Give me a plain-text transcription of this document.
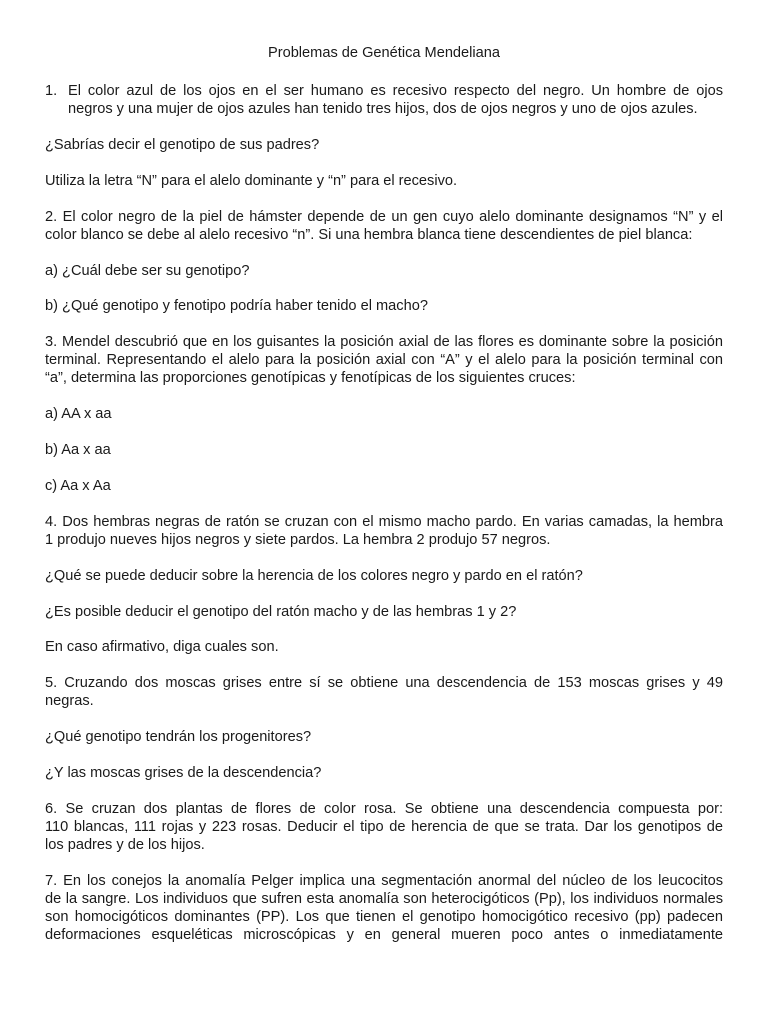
Problemas de Genética Mendeliana
1. El color azul de los ojos en el ser humano es recesivo respecto del negro. Un hombre de ojos
negros y una mujer de ojos azules han tenido tres hijos, dos de ojos negros y uno de ojos azules.
¿Sabrías decir el genotipo de sus padres?
Utiliza la letra “N” para el alelo dominante y “n” para el recesivo.
2. El color negro de la piel de hámster depende de un gen cuyo alelo dominante designamos “N” y el
color blanco se debe al alelo recesivo “n”. Si una hembra blanca tiene descendientes de piel blanca:
a) ¿Cuál debe ser su genotipo?
b) ¿Qué genotipo y fenotipo podría haber tenido el macho?
3. Mendel descubrió que en los guisantes la posición axial de las flores es dominante sobre la posición
terminal. Representando el alelo para la posición axial con “A” y el alelo para la posición terminal con
“a”, determina las proporciones genotípicas y fenotípicas de los siguientes cruces:
a) AA x aa
b) Aa x aa
c) Aa x Aa
4. Dos hembras negras de ratón se cruzan con el mismo macho pardo. En varias camadas, la hembra
1 produjo nueves hijos negros y siete pardos. La hembra 2 produjo 57 negros.
¿Qué se puede deducir sobre la herencia de los colores negro y pardo en el ratón?
¿Es posible deducir el genotipo del ratón macho y de las hembras 1 y 2?
En caso afirmativo, diga cuales son.
5. Cruzando dos moscas grises entre sí se obtiene una descendencia de 153 moscas grises y 49
negras.
¿Qué genotipo tendrán los progenitores?
¿Y las moscas grises de la descendencia?
6. Se cruzan dos plantas de flores de color rosa. Se obtiene una descendencia compuesta por:
110 blancas, 111 rojas y 223 rosas. Deducir el tipo de herencia de que se trata. Dar los genotipos de
los padres y de los hijos.
7. En los conejos la anomalía Pelger implica una segmentación anormal del núcleo de los leucocitos
de la sangre. Los individuos que sufren esta anomalía son heterocigóticos (Pp), los individuos normales
son homocigóticos dominantes (PP). Los que tienen el genotipo homocigótico recesivo (pp) padecen
deformaciones esqueléticas microscópicas y en general mueren poco antes o inmediatamente
